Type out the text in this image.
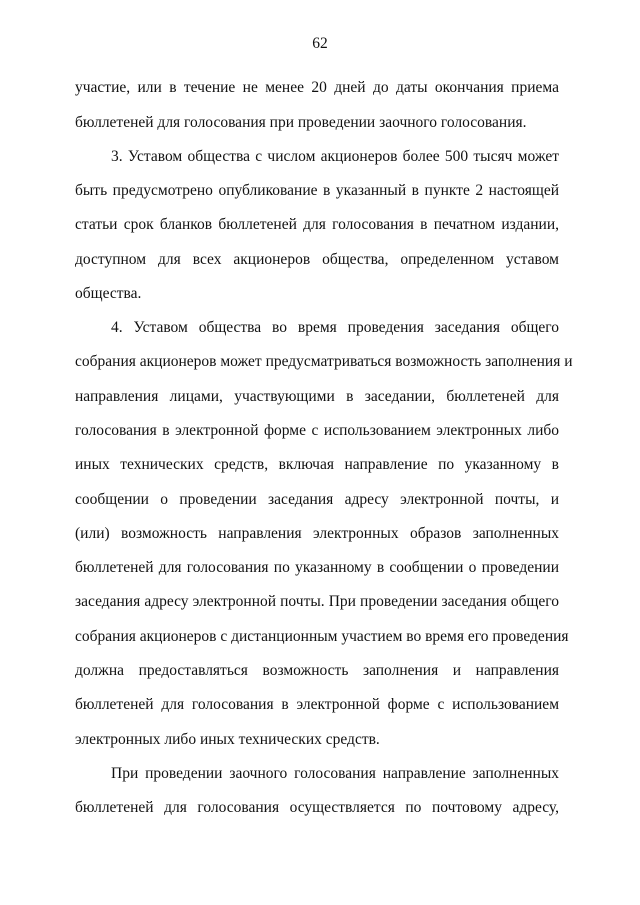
62
участие, или в течение не менее 20 дней до даты окончания приема
бюллетеней для голосования при проведении заочного голосования.
3. Уставом общества с числом акционеров более 500 тысяч может
быть предусмотрено опубликование в указанный в пункте 2 настоящей
статьи срок бланков бюллетеней для голосования в печатном издании,
доступном для всех акционеров общества, определенном уставом
общества.
4. Уставом общества во время проведения заседания общего
собрания акционеров может предусматриваться возможность заполнения и
направления лицами, участвующими в заседании, бюллетеней для
голосования в электронной форме с использованием электронных либо
иных технических средств, включая направление по указанному в
сообщении о проведении заседания адресу электронной почты, и
(или) возможность направления электронных образов заполненных
бюллетеней для голосования по указанному в сообщении о проведении
заседания адресу электронной почты. При проведении заседания общего
собрания акционеров с дистанционным участием во время его проведения
должна предоставляться возможность заполнения и направления
бюллетеней для голосования в электронной форме с использованием
электронных либо иных технических средств.
При проведении заочного голосования направление заполненных
бюллетеней для голосования осуществляется по почтовому адресу,
